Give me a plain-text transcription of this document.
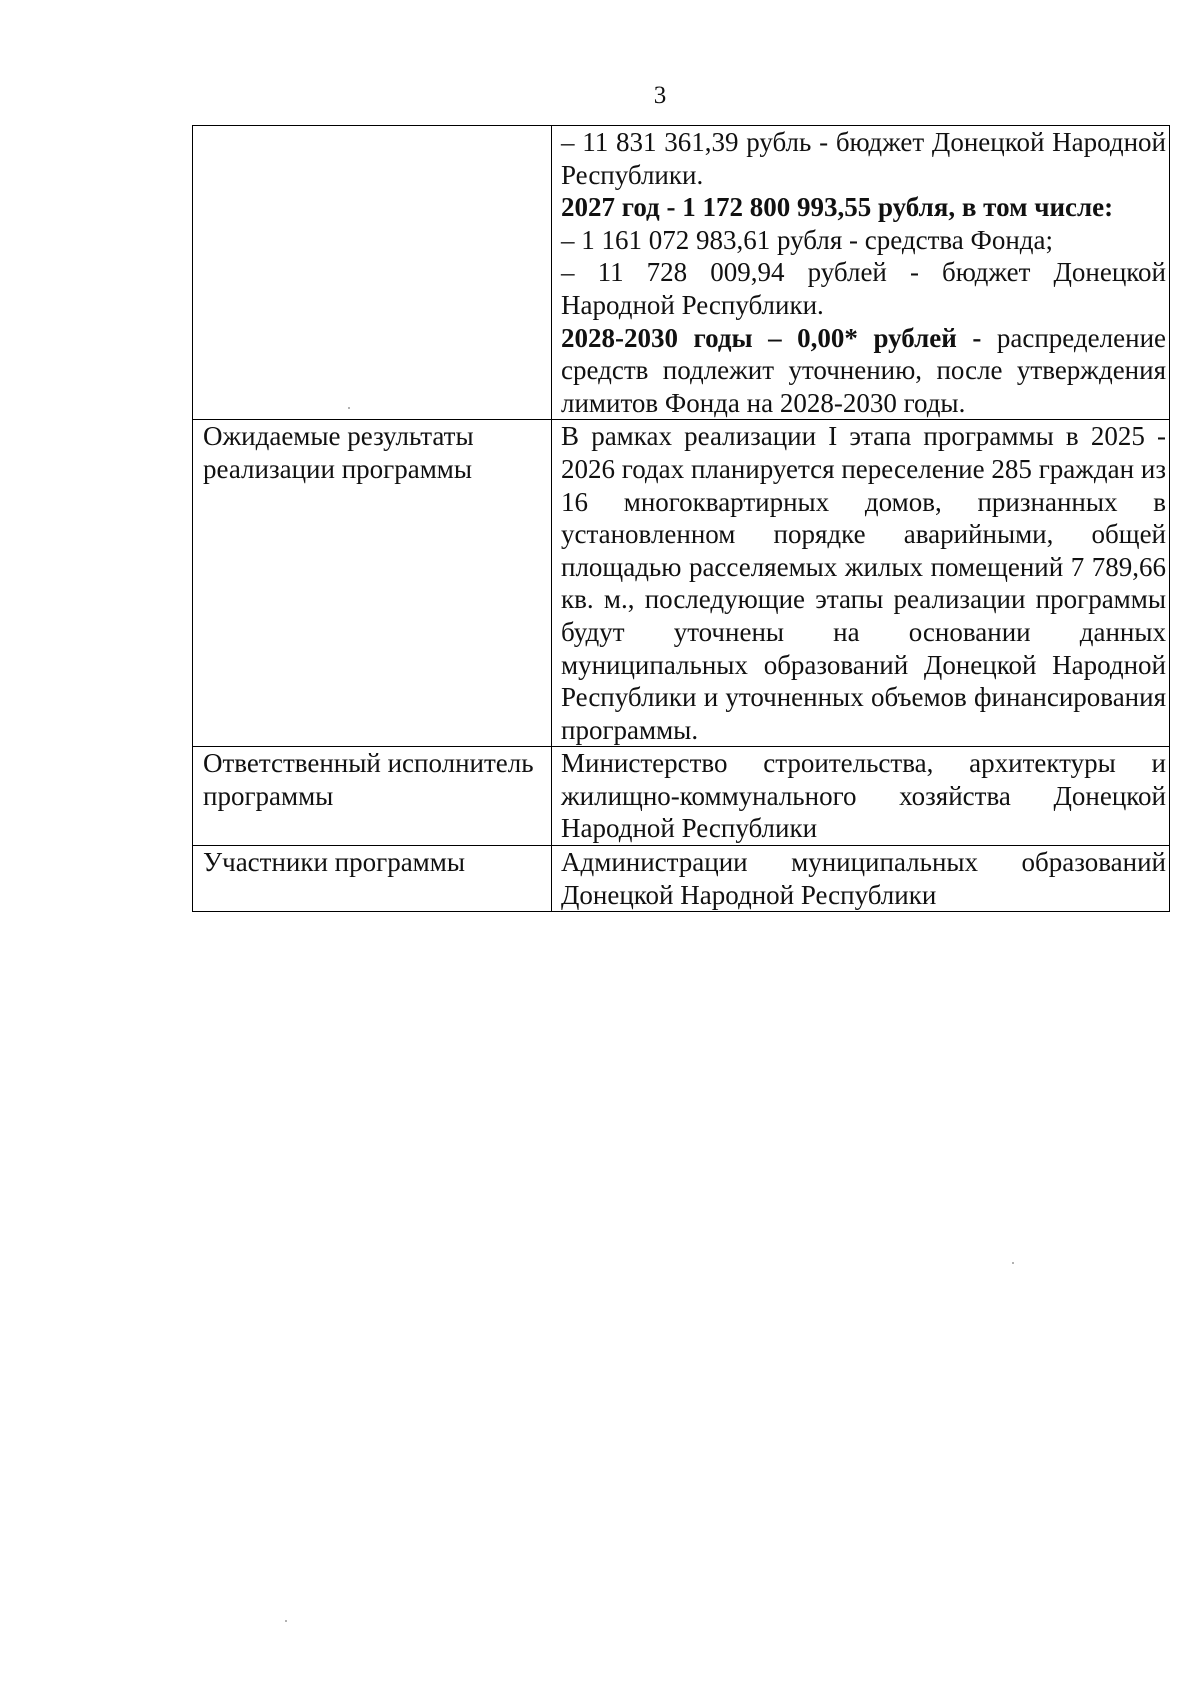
3

	– 11 831 361,39 рубль - бюджет Донецкой Народной Республики.

2027 год - 1 172 800 993,55 рубля, в том числе:

– 1 161 072 983,61 рубля - средства Фонда;

– 11 728 009,94 рублей - бюджет Донецкой Народной Республики.

2028-2030 годы – 0,00* рублей - распределение средств подлежит уточнению, после утверждения лимитов Фонда на 2028-2030 годы.

Ожидаемые результаты реализации программы	В рамках реализации I этапа программы в 2025 - 2026 годах планируется переселение 285 граждан из 16 многоквартирных домов, признанных в установленном порядке аварийными, общей площадью расселяемых жилых помещений 7 789,66 кв. м., последующие этапы реализации программы будут уточнены на основании данных муниципальных образований Донецкой Народной Республики и уточненных объемов финансирования программы.
Ответственный исполнитель программы	Министерство строительства, архитектуры и жилищно-коммунального хозяйства Донецкой Народной Республики
Участники программы	Администрации муниципальных образований Донецкой Народной Республики
